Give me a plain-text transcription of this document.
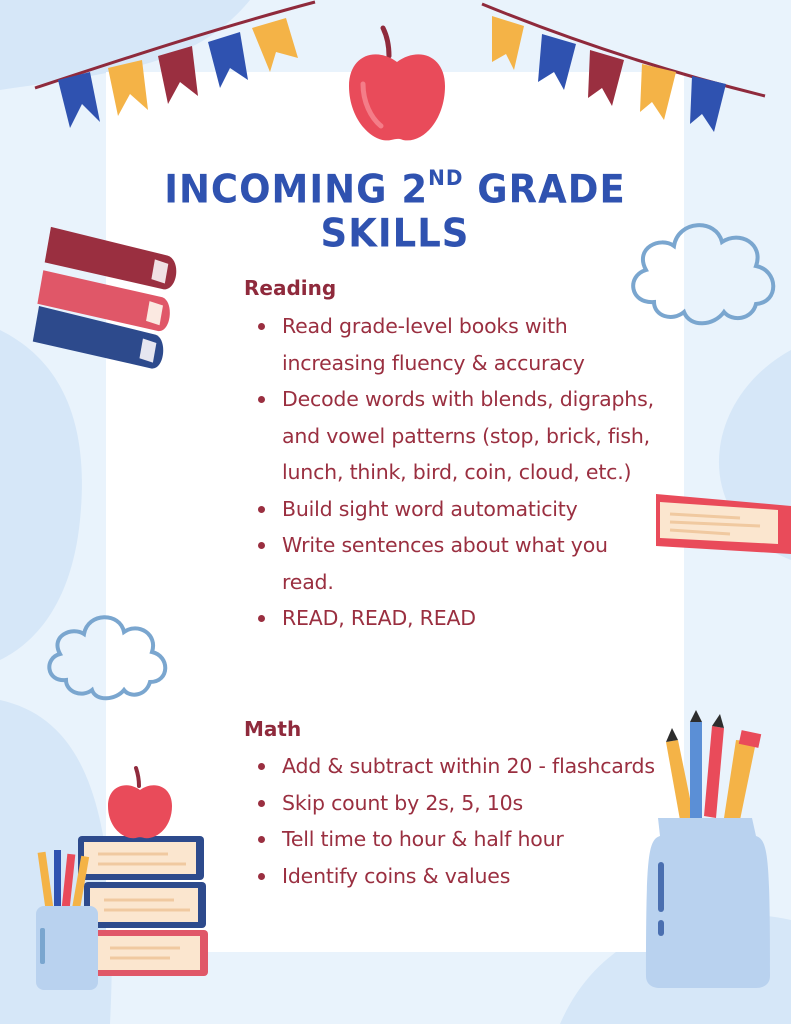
INCOMING 2ND GRADE
SKILLS
Reading
Read grade-level books with increasing fluency & accuracy
Decode words with blends, digraphs, and vowel patterns (stop, brick, fish, lunch, think, bird, coin, cloud, etc.)
Build sight word automaticity
Write sentences about what you read.
READ, READ, READ
Math
Add & subtract within 20 - flashcards
Skip count by 2s, 5, 10s
Tell time to hour & half hour
Identify coins & values
